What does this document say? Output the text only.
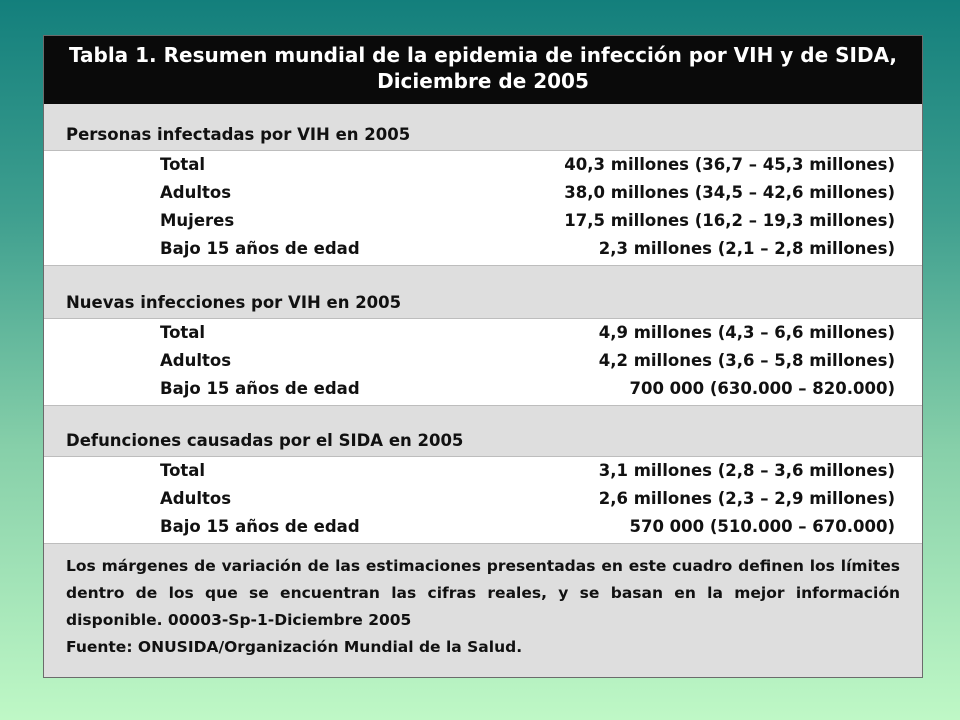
Tabla 1. Resumen mundial de la epidemia de infección por VIH y de SIDA,
Diciembre de 2005
Personas infectadas por VIH en 2005
Total	40,3 millones (36,7 – 45,3 millones)
Adultos	38,0 millones (34,5 – 42,6 millones)
Mujeres	17,5 millones (16,2 – 19,3 millones)
Bajo 15 años de edad	2,3 millones (2,1 – 2,8 millones)
Nuevas infecciones por VIH en 2005
Total	4,9 millones (4,3 – 6,6 millones)
Adultos	4,2 millones (3,6 – 5,8 millones)
Bajo 15 años de edad	700 000 (630.000 – 820.000)
Defunciones causadas por el SIDA en 2005
Total	3,1 millones (2,8 – 3,6 millones)
Adultos	2,6 millones (2,3 – 2,9 millones)
Bajo 15 años de edad	570 000 (510.000 – 670.000)
Los márgenes de variación de las estimaciones presentadas en este cuadro definen los límites
dentro de los que se encuentran las cifras reales, y se basan en la mejor información
disponible. 00003-Sp-1-Diciembre 2005
Fuente: ONUSIDA/Organización Mundial de la Salud.
